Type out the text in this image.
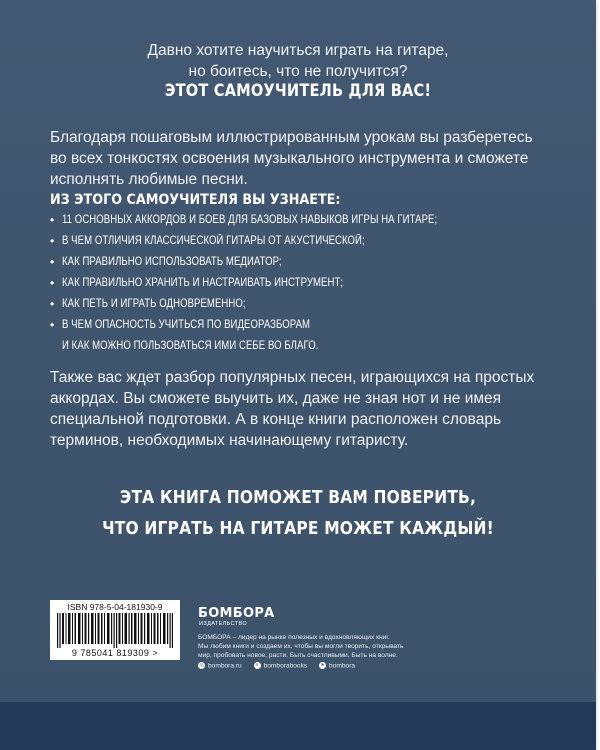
Давно хотите научиться играть на гитаре,
но боитесь, что не получится?
ЭТОТ САМОУЧИТЕЛЬ ДЛЯ ВАС!
Благодаря пошаговым иллюстрированным урокам вы разберетесь
во всех тонкостях освоения музыкального инструмента и сможете
исполнять любимые песни.
ИЗ ЭТОГО САМОУЧИТЕЛЯ ВЫ УЗНАЕТЕ:
• 11 ОСНОВНЫХ АККОРДОВ И БОЕВ ДЛЯ БАЗОВЫХ НАВЫКОВ ИГРЫ НА ГИТАРЕ;
• В ЧЕМ ОТЛИЧИЯ КЛАССИЧЕСКОЙ ГИТАРЫ ОТ АКУСТИЧЕСКОЙ;
• КАК ПРАВИЛЬНО ИСПОЛЬЗОВАТЬ МЕДИАТОР;
• КАК ПРАВИЛЬНО ХРАНИТЬ И НАСТРАИВАТЬ ИНСТРУМЕНТ;
• КАК ПЕТЬ И ИГРАТЬ ОДНОВРЕМЕННО;
• В ЧЕМ ОПАСНОСТЬ УЧИТЬСЯ ПО ВИДЕОРАЗБОРАМ
И КАК МОЖНО ПОЛЬЗОВАТЬСЯ ИМИ СЕБЕ ВО БЛАГО.
Также вас ждет разбор популярных песен, играющихся на простых
аккордах. Вы сможете выучить их, даже не зная нот и не имея
специальной подготовки. А в конце книги расположен словарь
терминов, необходимых начинающему гитаристу.
ЭТА КНИГА ПОМОЖЕТ ВАМ ПОВЕРИТЬ,
ЧТО ИГРАТЬ НА ГИТАРЕ МОЖЕТ КАЖДЫЙ!
ISBN 978-5-04-181930-9
9 785041 819309 >
БОМБОРА
ИЗДАТЕЛЬСТВО
БОМБОРА – лидер на рынке полезных и вдохновляющих книг.
Мы любим книги и создаем их, чтобы вы могли творить, открывать
мир, пробовать новое, расти. Быть счастливыми. Быть на волне.
◎ bombora.ru	v bomborabooks	➤ bombora
